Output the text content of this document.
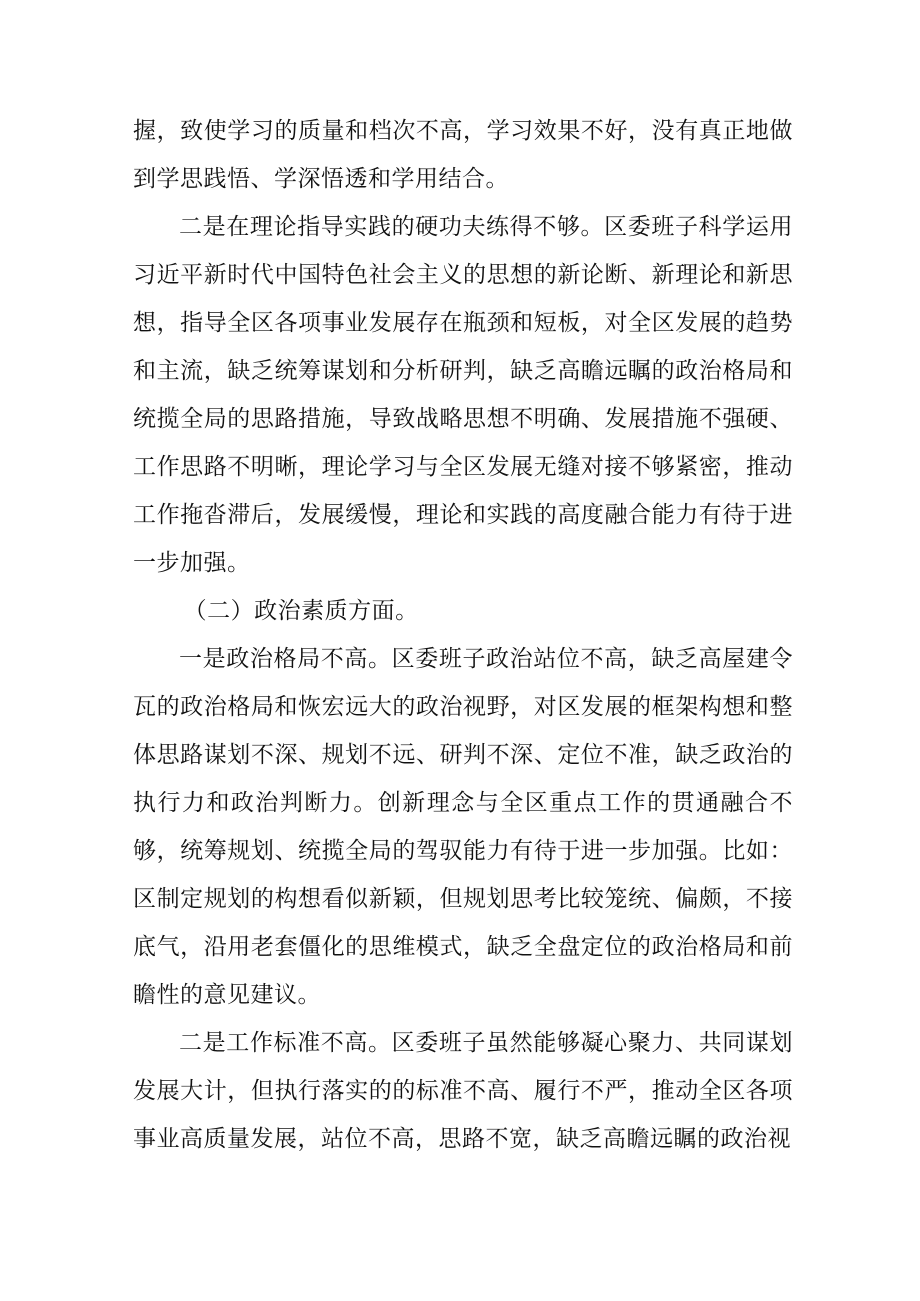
握，致使学习的质量和档次不高，学习效果不好，没有真正地做到学思践悟、学深悟透和学用结合。

二是在理论指导实践的硬功夫练得不够。区委班子科学运用习近平新时代中国特色社会主义的思想的新论断、新理论和新思想，指导全区各项事业发展存在瓶颈和短板，对全区发展的趋势和主流，缺乏统筹谋划和分析研判，缺乏高瞻远瞩的政治格局和统揽全局的思路措施，导致战略思想不明确、发展措施不强硬、工作思路不明晰，理论学习与全区发展无缝对接不够紧密，推动工作拖沓滞后，发展缓慢，理论和实践的高度融合能力有待于进一步加强。

（二）政治素质方面。

一是政治格局不高。区委班子政治站位不高，缺乏高屋建令瓦的政治格局和恢宏远大的政治视野，对区发展的框架构想和整体思路谋划不深、规划不远、研判不深、定位不准，缺乏政治的执行力和政治判断力。创新理念与全区重点工作的贯通融合不够，统筹规划、统揽全局的驾驭能力有待于进一步加强。比如：区制定规划的构想看似新颖，但规划思考比较笼统、偏颇，不接底气，沿用老套僵化的思维模式，缺乏全盘定位的政治格局和前瞻性的意见建议。

二是工作标准不高。区委班子虽然能够凝心聚力、共同谋划发展大计，但执行落实的的标准不高、履行不严，推动全区各项事业高质量发展，站位不高，思路不宽，缺乏高瞻远瞩的政治视
